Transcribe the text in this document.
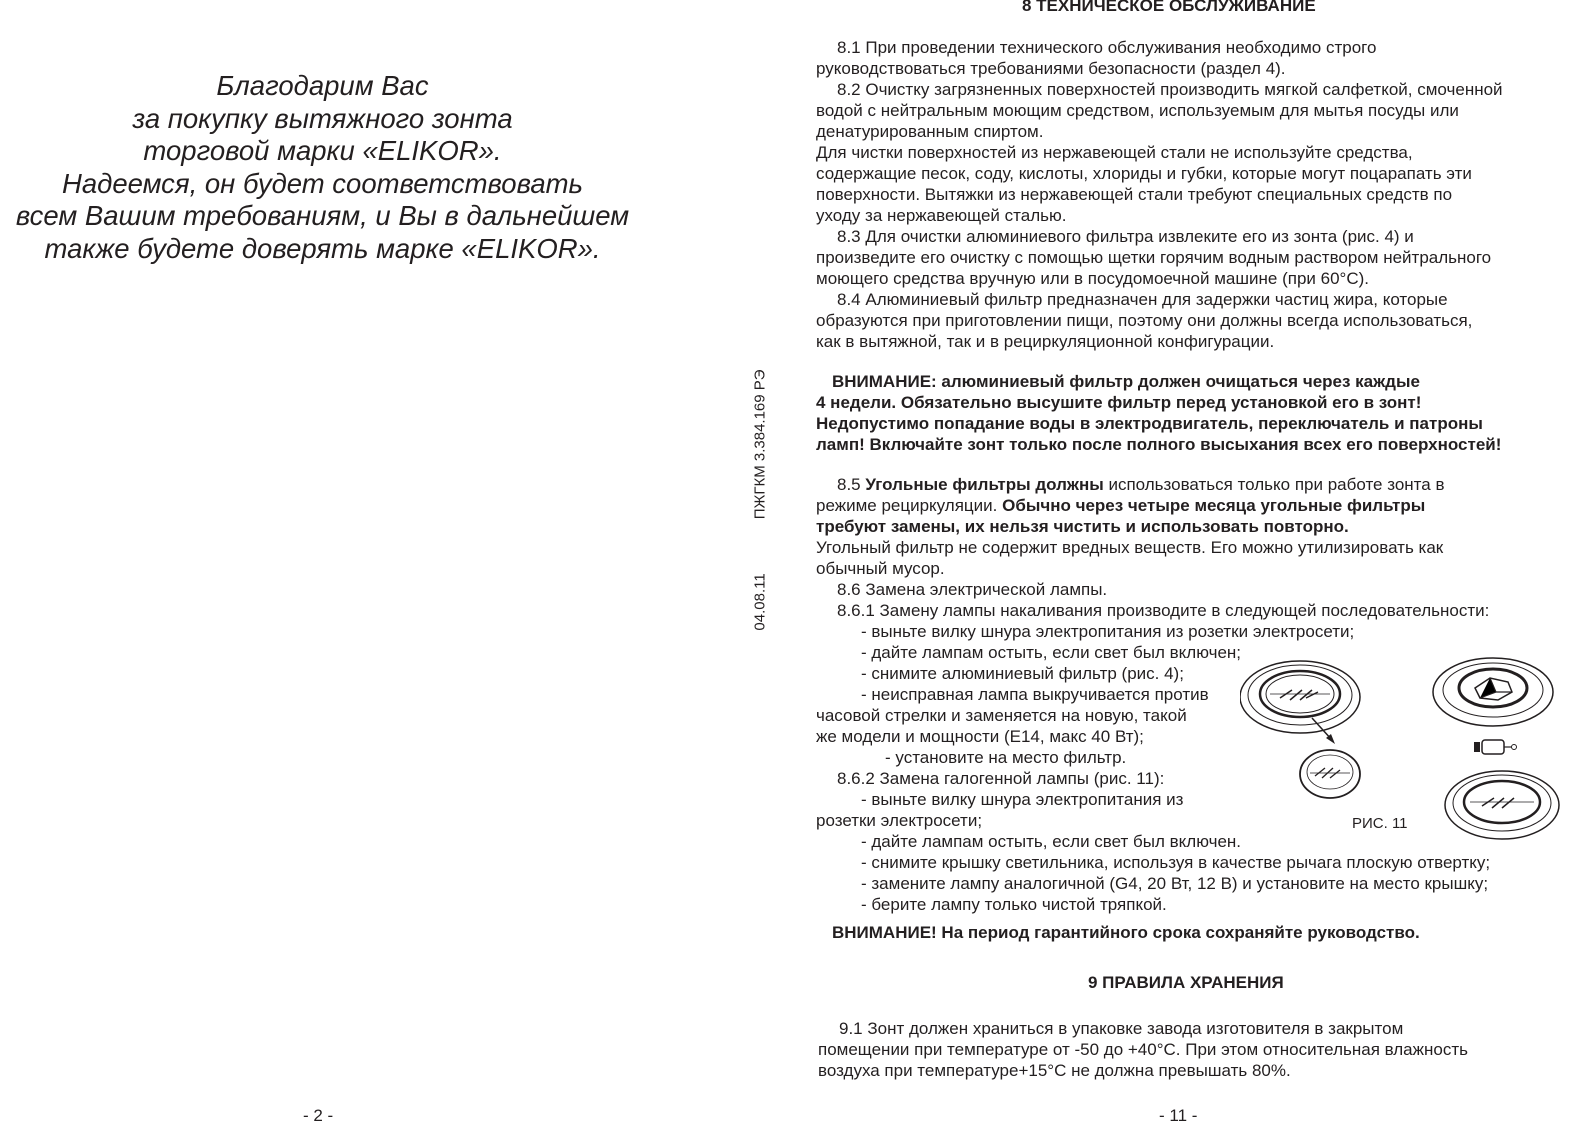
Благодарим Вас
за покупку вытяжного зонта
торговой марки «ELIKOR».
Надеемся, он будет соответствовать
всем Вашим требованиям, и Вы в дальнейшем
также будете доверять марке «ELIKOR».
- 2 -
04.08.11ПЖГКМ 3.384.169 РЭ
8 ТЕХНИЧЕСКОЕ ОБСЛУЖИВАНИЕ

8.1 При проведении технического обслуживания необходимо строго

руководствоваться требованиями безопасности (раздел 4).

8.2 Очистку загрязненных поверхностей производить мягкой салфеткой, смоченной

водой с нейтральным моющим средством, используемым для мытья посуды или

денатурированным спиртом.

Для чистки поверхностей из нержавеющей стали не используйте средства,

содержащие песок, соду, кислоты, хлориды и губки, которые могут поцарапать эти

поверхности. Вытяжки из нержавеющей стали требуют специальных средств по

уходу за нержавеющей сталью.

8.3 Для очистки алюминиевого фильтра извлеките его из зонта (рис. 4) и

произведите его очистку с помощью щетки горячим водным раствором нейтрального

моющего средства вручную или в посудомоечной машине (при 60°С).

8.4 Алюминиевый фильтр предназначен для задержки частиц жира, которые

образуются при приготовлении пищи, поэтому они должны всегда использоваться,

как в вытяжной, так и в рециркуляционной конфигурации.

ВНИМАНИЕ: алюминиевый фильтр должен очищаться через каждые

4 недели. Обязательно высушите фильтр перед установкой его в зонт!

Недопустимо попадание воды в электродвигатель, переключатель и патроны

ламп! Включайте зонт только после полного высыхания всех его поверхностей!

8.5 Угольные фильтры должны использоваться только при работе зонта в

режиме рециркуляции. Обычно через четыре месяца угольные фильтры

требуют замены, их нельзя чистить и использовать повторно.

Угольный фильтр не содержит вредных веществ. Его можно утилизировать как

обычный мусор.

8.6 Замена электрической лампы.

8.6.1 Замену лампы накаливания производите в следующей последовательности:

- выньте вилку шнура электропитания из розетки электросети;

- дайте лампам остыть, если свет был включен;

- снимите алюминиевый фильтр (рис. 4);

- неисправная лампа выкручивается против

часовой стрелки и заменяется на новую, такой

же модели и мощности (Е14, макс 40 Вт);

- установите на место фильтр.

8.6.2 Замена галогенной лампы (рис. 11):

- выньте вилку шнура электропитания из

розетки электросети;

- дайте лампам остыть, если свет был включен.

- снимите крышку светильника, используя в качестве рычага плоскую отвертку;

- замените лампу аналогичной (G4, 20 Вт, 12 В) и установите на место крышку;

- берите лампу только чистой тряпкой.

РИС. 11
ВНИМАНИЕ! На период гарантийного срока сохраняйте руководство.
9 ПРАВИЛА ХРАНЕНИЯ

9.1 Зонт должен храниться в упаковке завода изготовителя в закрытом

помещении при температуре от -50 до +40°С. При этом относительная влажность

воздуха при температуре+15°С не должна превышать 80%.

- 11 -
